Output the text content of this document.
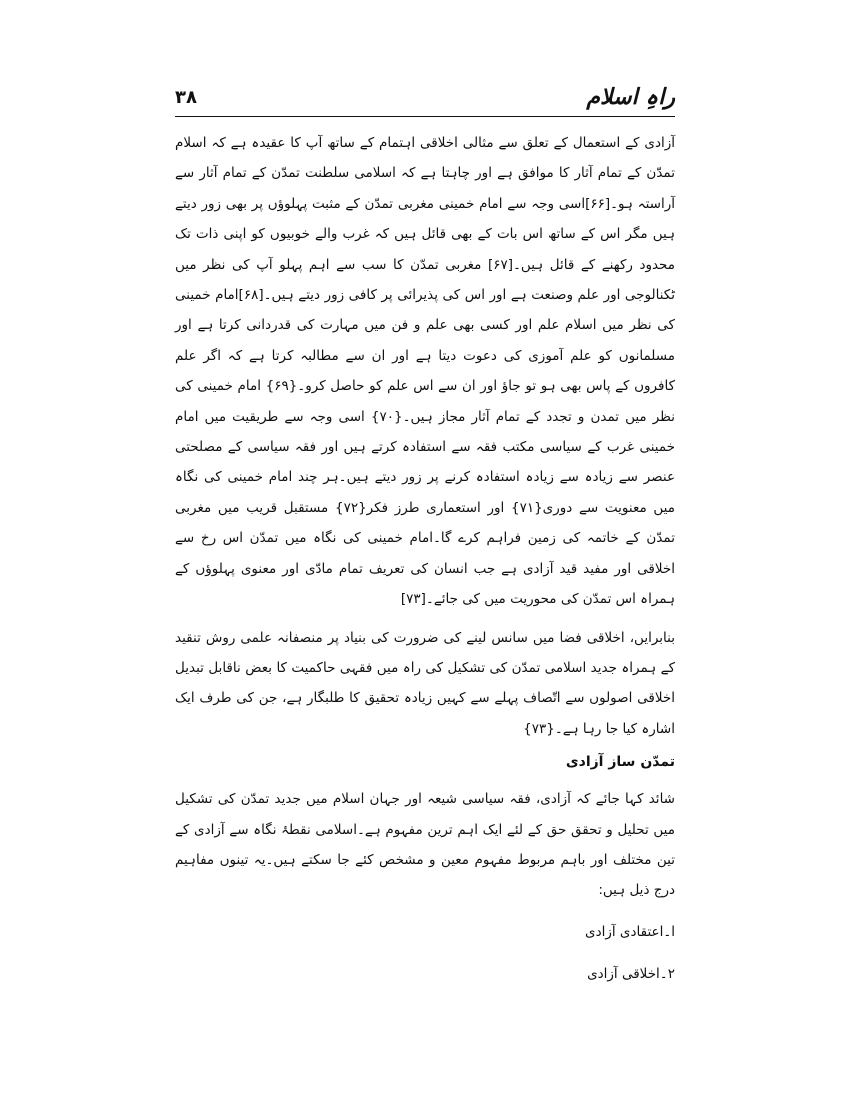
راہِ اسلام
۳۸

آزادی کے استعمال کے تعلق سے مثالی اخلاقی اہتمام کے ساتھ آپ کا عقیدہ ہے کہ اسلام تمدّن کے تمام آثار کا موافق ہے اور چاہتا ہے کہ اسلامی سلطنت تمدّن کے تمام آثار سے آراستہ ہو۔[۶۶]اسی وجہ سے امام خمینی مغربی تمدّن کے مثبت پہلوؤں پر بھی زور دیتے ہیں مگر اس کے ساتھ اس بات کے بھی قائل ہیں کہ غرب والے خوبیوں کو اپنی ذات تک محدود رکھنے کے قائل ہیں۔[۶۷] مغربی تمدّن کا سب سے اہم پہلو آپ کی نظر میں ٹکنالوجی اور علم وصنعت ہے اور اس کی پذیرائی پر کافی زور دیتے ہیں۔[۶۸]امام خمینی کی نظر میں اسلام علم اور کسی بھی علم و فن میں مہارت کی قدردانی کرتا ہے اور مسلمانوں کو علم آموزی کی دعوت دیتا ہے اور ان سے مطالبہ کرتا ہے کہ اگر علم کافروں کے پاس بھی ہو تو جاؤ اور ان سے اس علم کو حاصل کرو۔{۶۹} امام خمینی کی نظر میں تمدن و تجدد کے تمام آثار مجاز ہیں۔{۷۰} اسی وجہ سے طریقیت میں امام خمینی غرب کے سیاسی مکتب فقہ سے استفادہ کرتے ہیں اور فقہ سیاسی کے مصلحتی عنصر سے زیادہ سے زیادہ استفادہ کرنے پر زور دیتے ہیں۔ہر چند امام خمینی کی نگاہ میں معنویت سے دوری{۷۱} اور استعماری طرز فکر{۷۲} مستقبل قریب میں مغربی تمدّن کے خاتمہ کی زمین فراہم کرے گا۔امام خمینی کی نگاہ میں تمدّن اس رخ سے اخلاقی اور مفید قید آزادی ہے جب انسان کی تعریف تمام مادّی اور معنوی پہلوؤں کے ہمراہ اس تمدّن کی محوریت میں کی جائے۔[۷۳]

بنابرایں، اخلاقی فضا میں سانس لینے کی ضرورت کی بنیاد پر منصفانہ علمی روش تنقید کے ہمراہ جدید اسلامی تمدّن کی تشکیل کی راہ میں فقہی حاکمیت کا بعض ناقابل تبدیل اخلاقی اصولوں سے اتّصاف پہلے سے کہیں زیادہ تحقیق کا طلبگار ہے، جن کی طرف ایک اشارہ کیا جا رہا ہے۔{۷۳}

تمدّن ساز آزادی

شائد کہا جائے کہ آزادی، فقہ سیاسی شیعہ اور جہان اسلام میں جدید تمدّن کی تشکیل میں تحلیل و تحقق حق کے لئے ایک اہم ترین مفہوم ہے۔اسلامی نقطۂ نگاہ سے آزادی کے تین مختلف اور باہم مربوط مفہوم معین و مشخص کئے جا سکتے ہیں۔یہ تینوں مفاہیم درج ذیل ہیں:

ا۔اعتقادی آزادی

۲۔اخلاقی آزادی
